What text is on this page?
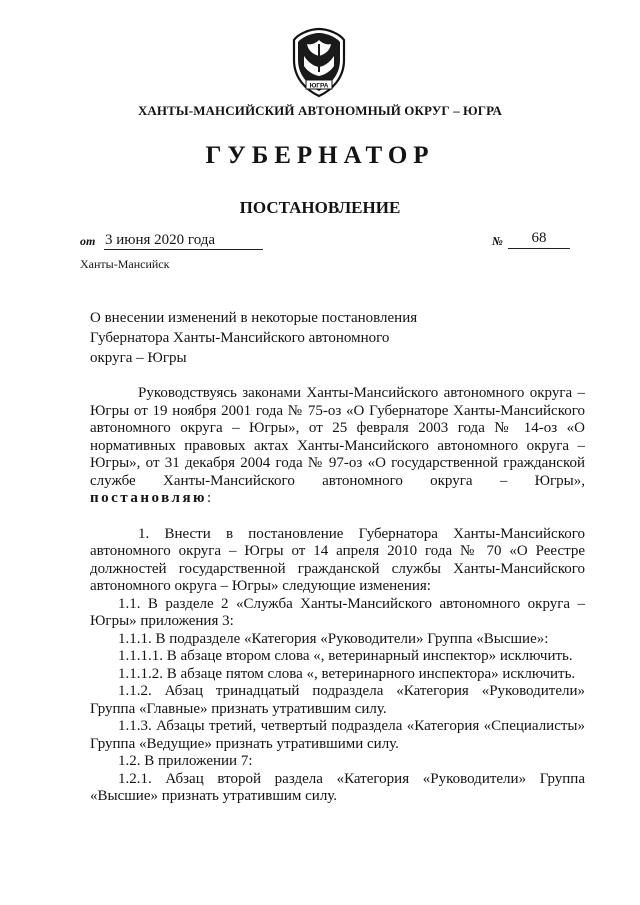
ЮГРА
ХАНТЫ-МАНСИЙСКИЙ АВТОНОМНЫЙ ОКРУГ – ЮГРА
ГУБЕРНАТОР
ПОСТАНОВЛЕНИЕ
от 3 июня 2020 года	№	68
Ханты-Мансийск
О внесении изменений в некоторые постановления Губернатора Ханты-Мансийского автономного округа – Югры

Руководствуясь законами Ханты-Мансийского автономного округа – Югры от 19 ноября 2001 года № 75-оз «О Губернаторе Ханты-Мансийского автономного округа – Югры», от 25 февраля 2003 года № 14-оз «О нормативных правовых актах Ханты-Мансийского автономного округа – Югры», от 31 декабря 2004 года № 97-оз «О государственной гражданской службе Ханты-Мансийского автономного округа – Югры», постановляю:

1. Внести в постановление Губернатора Ханты-Мансийского автономного округа – Югры от 14 апреля 2010 года № 70 «О Реестре должностей государственной гражданской службы Ханты-Мансийского автономного округа – Югры» следующие изменения:

1.1. В разделе 2 «Служба Ханты-Мансийского автономного округа – Югры» приложения 3:

1.1.1. В подразделе «Категория «Руководители» Группа «Высшие»:

1.1.1.1. В абзаце втором слова «, ветеринарный инспектор» исключить.

1.1.1.2. В абзаце пятом слова «, ветеринарного инспектора» исключить.

1.1.2. Абзац тринадцатый подраздела «Категория «Руководители» Группа «Главные» признать утратившим силу.

1.1.3. Абзацы третий, четвертый подраздела «Категория «Специалисты» Группа «Ведущие» признать утратившими силу.

1.2. В приложении 7:

1.2.1. Абзац второй раздела «Категория «Руководители» Группа «Высшие» признать утратившим силу.
